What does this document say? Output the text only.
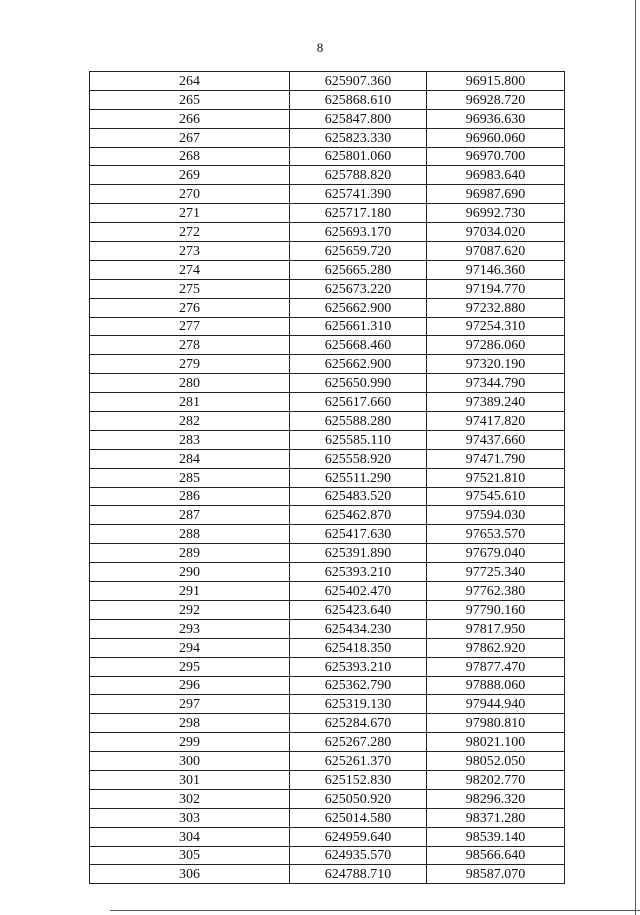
8
264	625907.360	96915.800
265	625868.610	96928.720
266	625847.800	96936.630
267	625823.330	96960.060
268	625801.060	96970.700
269	625788.820	96983.640
270	625741.390	96987.690
271	625717.180	96992.730
272	625693.170	97034.020
273	625659.720	97087.620
274	625665.280	97146.360
275	625673.220	97194.770
276	625662.900	97232.880
277	625661.310	97254.310
278	625668.460	97286.060
279	625662.900	97320.190
280	625650.990	97344.790
281	625617.660	97389.240
282	625588.280	97417.820
283	625585.110	97437.660
284	625558.920	97471.790
285	625511.290	97521.810
286	625483.520	97545.610
287	625462.870	97594.030
288	625417.630	97653.570
289	625391.890	97679.040
290	625393.210	97725.340
291	625402.470	97762.380
292	625423.640	97790.160
293	625434.230	97817.950
294	625418.350	97862.920
295	625393.210	97877.470
296	625362.790	97888.060
297	625319.130	97944.940
298	625284.670	97980.810
299	625267.280	98021.100
300	625261.370	98052.050
301	625152.830	98202.770
302	625050.920	98296.320
303	625014.580	98371.280
304	624959.640	98539.140
305	624935.570	98566.640
306	624788.710	98587.070
